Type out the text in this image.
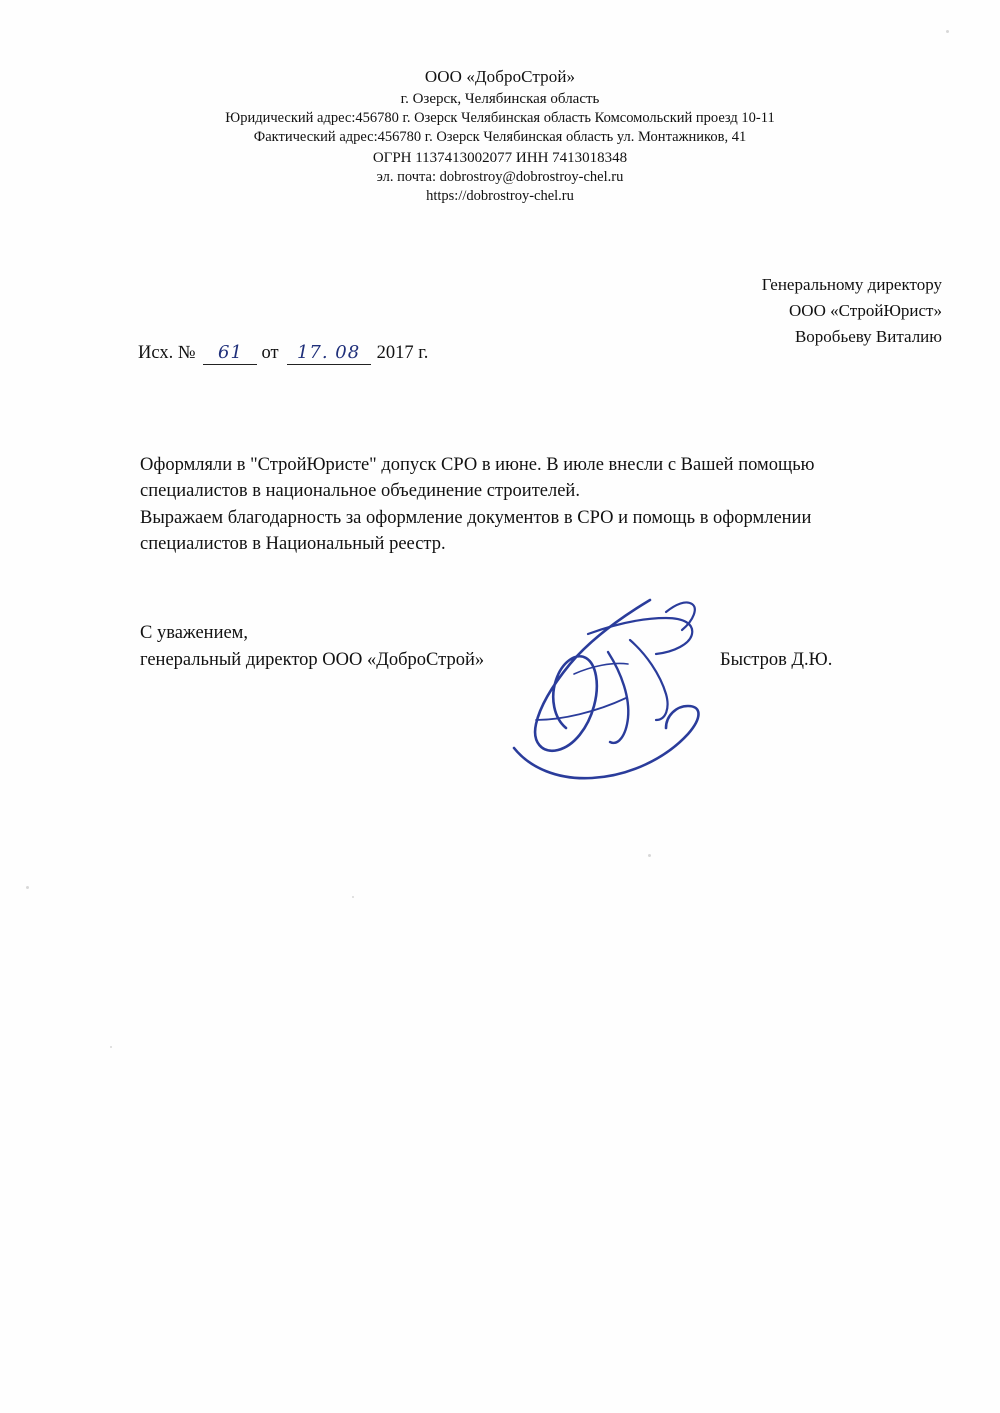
ООО «ДоброСтрой»
г. Озерск, Челябинская область
Юридический адрес:456780 г. Озерск Челябинская область Комсомольский проезд 10-11
Фактический адрес:456780 г. Озерск Челябинская область ул. Монтажников, 41
ОГРН 1137413002077 ИНН 7413018348
эл. почта: dobrostroy@dobrostroy-chel.ru
https://dobrostroy-chel.ru
Генеральному директору
ООО «СтройЮрист»
Воробьеву Виталию
Исх. №	61	от	17. 08 2017 г.

Оформляли в "СтройЮристе" допуск СРО в июне. В июле внесли с Вашей помощью специалистов в национальное объединение строителей.

Выражаем благодарность за оформление документов в СРО и помощь в оформлении специалистов в Национальный реестр.

С уважением,
генеральный директор ООО «ДоброСтрой»	Быстров Д.Ю.
